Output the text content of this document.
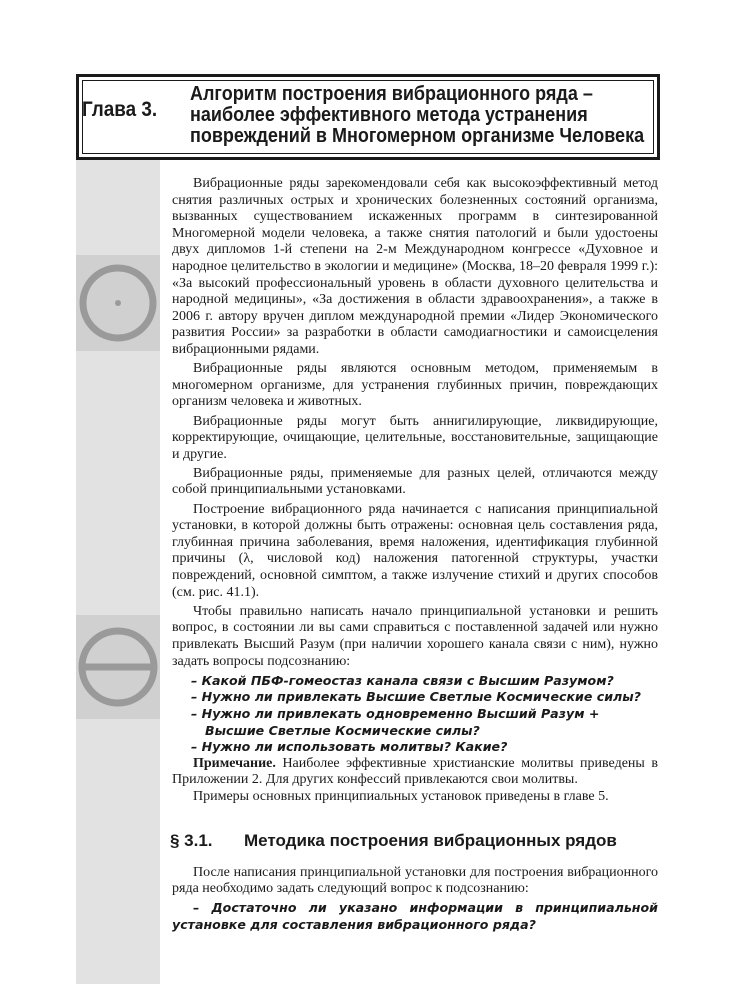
Глава 3.
Алгоритм построения вибрационного ряда –
наиболее эффективного метода устранения
повреждений в Многомерном организме Человека

Вибрационные ряды зарекомендовали себя как высокоэффективный метод снятия различных острых и хронических болезненных состояний организма, вызванных существованием искаженных программ в синтезированной Многомерной модели человека, а также снятия патологий и были удостоены двух дипломов 1-й степени на 2-м Международном конгрессе «Духовное и народное целительство в экологии и медицине» (Москва, 18–20 февраля 1999 г.): «За высокий профессиональный уровень в области духовного целительства и народной медицины», «За достижения в области здравоохранения», а также в 2006 г. автору вручен диплом международной премии «Лидер Экономического развития России» за разработки в области самодиагностики и самоисцеления вибрационными рядами.

Вибрационные ряды являются основным методом, применяемым в многомерном организме, для устранения глубинных причин, повреждающих организм человека и животных.

Вибрационные ряды могут быть аннигилирующие, ликвидирующие, корректирующие, очищающие, целительные, восстановительные, защищающие и другие.

Вибрационные ряды, применяемые для разных целей, отличаются между собой принципиальными установками.

Построение вибрационного ряда начинается с написания принципиальной установки, в которой должны быть отражены: основная цель составления ряда, глубинная причина заболевания, время наложения, идентификация глубинной причины (λ, числовой код) наложения патогенной структуры, участки повреждений, основной симптом, а также излучение стихий и других способов (см. рис. 41.1).

Чтобы правильно написать начало принципиальной установки и решить вопрос, в состоянии ли вы сами справиться с поставленной задачей или нужно привлекать Высший Разум (при наличии хорошего канала связи с ним), нужно задать вопросы подсознанию:

– Какой ПБФ-гомеостаз канала связи с Высшим Разумом?

– Нужно ли привлекать Высшие Светлые Космические силы?

– Нужно ли привлекать одновременно Высший Разум + Высшие Светлые Космические силы?

– Нужно ли использовать молитвы? Какие?

Примечание. Наиболее эффективные христианские молитвы приведены в Приложении 2. Для других конфессий привлекаются свои молитвы.

Примеры основных принципиальных установок приведены в главе 5.

§ 3.1. Методика построения вибрационных рядов

После написания принципиальной установки для построения вибрационного ряда необходимо задать следующий вопрос к подсознанию:

– Достаточно ли указано информации в принципиальной установке для составления вибрационного ряда?
